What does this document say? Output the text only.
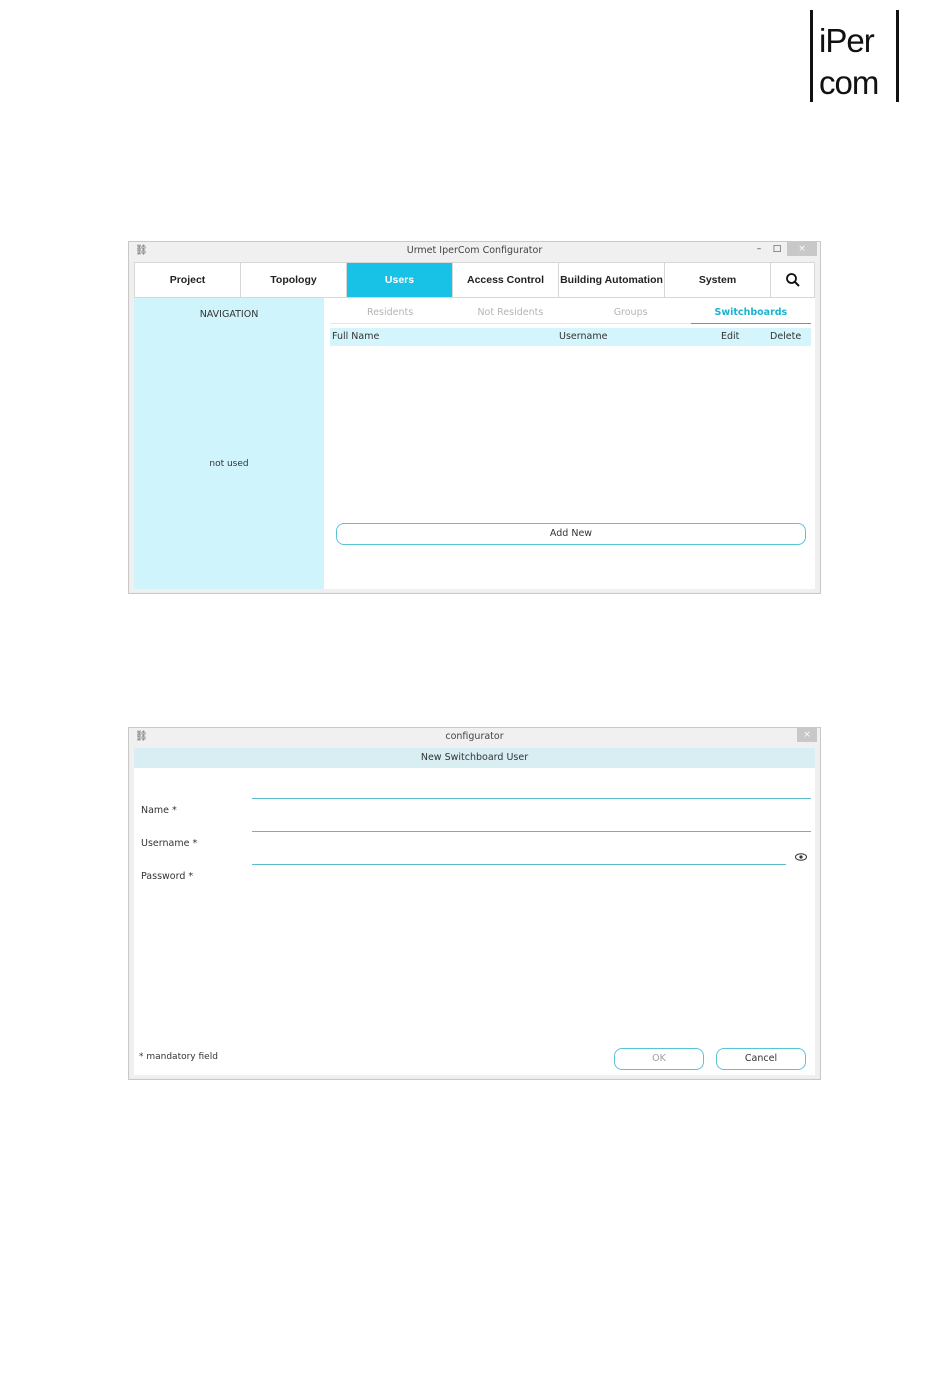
iPer
com
⛓	Urmet IperCom Configurator	–	□	×
Project	Topology	Users	Access Control	Building Automation	System
NAVIGATION
not used
Residents	Not Residents	Groups	Switchboards
Full Name	Username	Edit	Delete
Add New
⛓	configurator	×
New Switchboard User
Name *
Username *
Password *
* mandatory field	OK	Cancel
